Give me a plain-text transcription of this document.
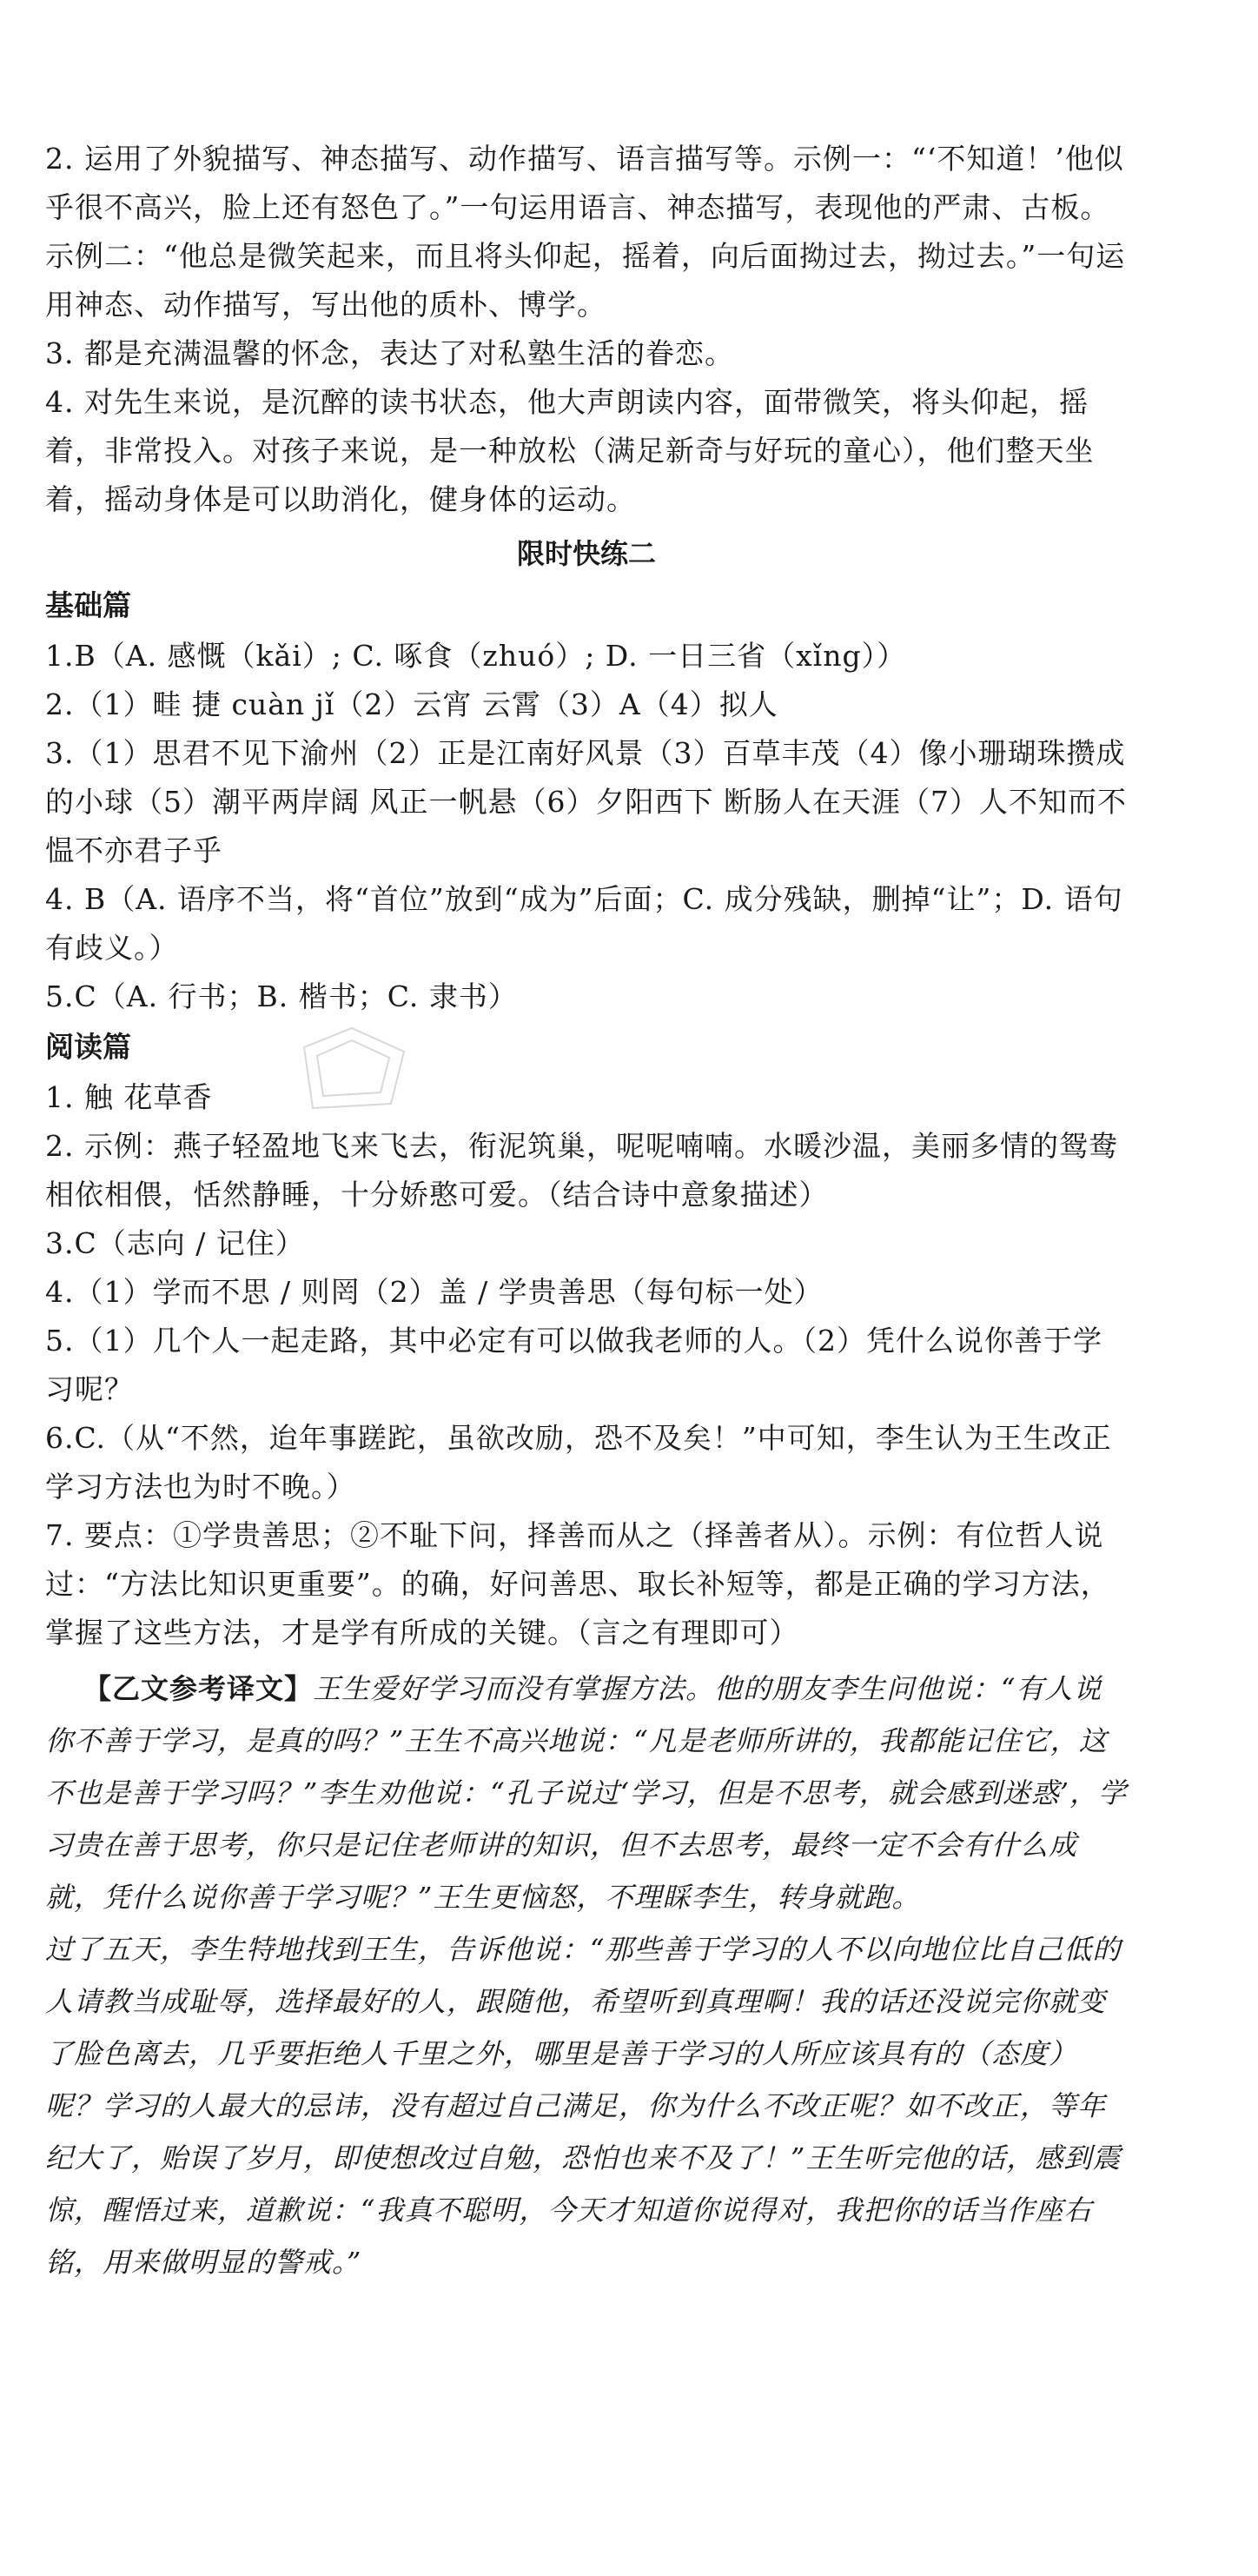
2. 运用了外貌描写、神态描写、动作描写、语言描写等。示例一：“‘不知道！’他似乎很不高兴，脸上还有怒色了。”一句运用语言、神态描写，表现他的严肃、古板。示例二：“他总是微笑起来，而且将头仰起，摇着，向后面拗过去，拗过去。”一句运用神态、动作描写，写出他的质朴、博学。

3. 都是充满温馨的怀念，表达了对私塾生活的眷恋。

4. 对先生来说，是沉醉的读书状态，他大声朗读内容，面带微笑，将头仰起，摇着，非常投入。对孩子来说，是一种放松（满足新奇与好玩的童心），他们整天坐着，摇动身体是可以助消化，健身体的运动。

限时快练二

基础篇

1.B（A. 感慨（kǎi）; C. 啄食（zhuó）; D. 一日三省（xǐng））

2.（1）畦 捷 cuàn jǐ（2）云宵 云霄（3）A（4）拟人

3.（1）思君不见下渝州（2）正是江南好风景（3）百草丰茂（4）像小珊瑚珠攒成的小球（5）潮平两岸阔 风正一帆悬（6）夕阳西下 断肠人在天涯（7）人不知而不愠不亦君子乎

4. B（A. 语序不当，将“首位”放到“成为”后面；C. 成分残缺，删掉“让”；D. 语句有歧义。）

5.C（A. 行书；B. 楷书；C. 隶书）

阅读篇

1. 触 花草香

2. 示例：燕子轻盈地飞来飞去，衔泥筑巢，呢呢喃喃。水暖沙温，美丽多情的鸳鸯相依相偎，恬然静睡，十分娇憨可爱。（结合诗中意象描述）

3.C（志向 / 记住）

4.（1）学而不思 / 则罔（2）盖 / 学贵善思（每句标一处）

5.（1）几个人一起走路，其中必定有可以做我老师的人。（2）凭什么说你善于学习呢？

6.C.（从“不然，迨年事蹉跎，虽欲改励，恐不及矣！”中可知，李生认为王生改正学习方法也为时不晚。）

7. 要点：①学贵善思；②不耻下问，择善而从之（择善者从）。示例：有位哲人说过：“方法比知识更重要”。的确，好问善思、取长补短等，都是正确的学习方法，掌握了这些方法，才是学有所成的关键。（言之有理即可）

【乙文参考译文】王生爱好学习而没有掌握方法。他的朋友李生问他说：“有人说你不善于学习，是真的吗？”王生不高兴地说：“凡是老师所讲的，我都能记住它，这不也是善于学习吗？”李生劝他说：“孔子说过‘学习，但是不思考，就会感到迷惑’，学习贵在善于思考，你只是记住老师讲的知识，但不去思考，最终一定不会有什么成就，凭什么说你善于学习呢？”王生更恼怒，不理睬李生，转身就跑。

过了五天，李生特地找到王生，告诉他说：“那些善于学习的人不以向地位比自己低的人请教当成耻辱，选择最好的人，跟随他，希望听到真理啊！我的话还没说完你就变了脸色离去，几乎要拒绝人千里之外，哪里是善于学习的人所应该具有的（态度）呢？学习的人最大的忌讳，没有超过自己满足，你为什么不改正呢？如不改正，等年纪大了，贻误了岁月，即使想改过自勉，恐怕也来不及了！”王生听完他的话，感到震惊，醒悟过来，道歉说：“我真不聪明，今天才知道你说得对，我把你的话当作座右铭，用来做明显的警戒。”
